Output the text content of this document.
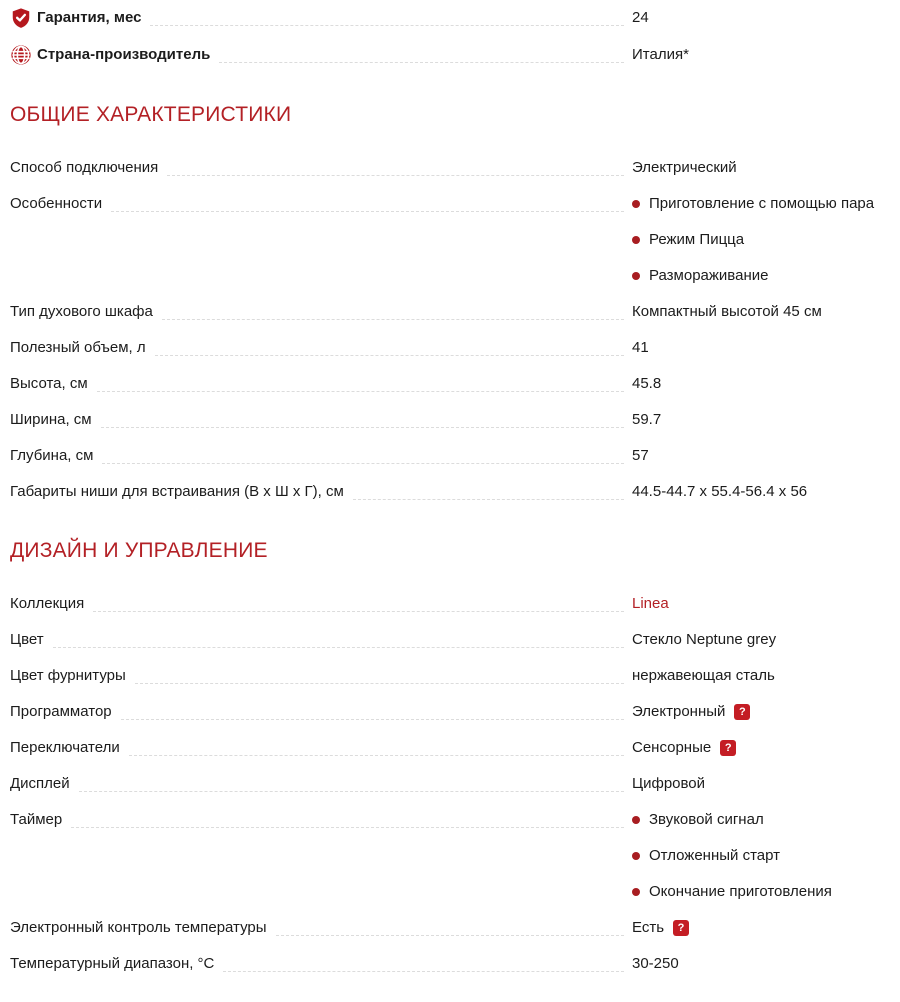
Гарантия, мес	24
Страна-производитель	Италия*
ОБЩИЕ ХАРАКТЕРИСТИКИ
Способ подключения	Электрический
Особенности	Приготовление с помощью пара
Режим Пицца
Размораживание
Тип духового шкафа	Компактный высотой 45 см
Полезный объем, л	41
Высота, см	45.8
Ширина, см	59.7
Глубина, см	57
Габариты ниши для встраивания (В х Ш х Г), см	44.5-44.7 x 55.4-56.4 x 56
ДИЗАЙН И УПРАВЛЕНИЕ
Коллекция	Linea
Цвет	Стекло Neptune grey
Цвет фурнитуры	нержавеющая сталь
Программатор	Электронный	?
Переключатели	Сенсорные	?
Дисплей	Цифровой
Таймер	Звуковой сигнал
Отложенный старт
Окончание приготовления
Электронный контроль температуры	Есть	?
Температурный диапазон, °С	30-250
